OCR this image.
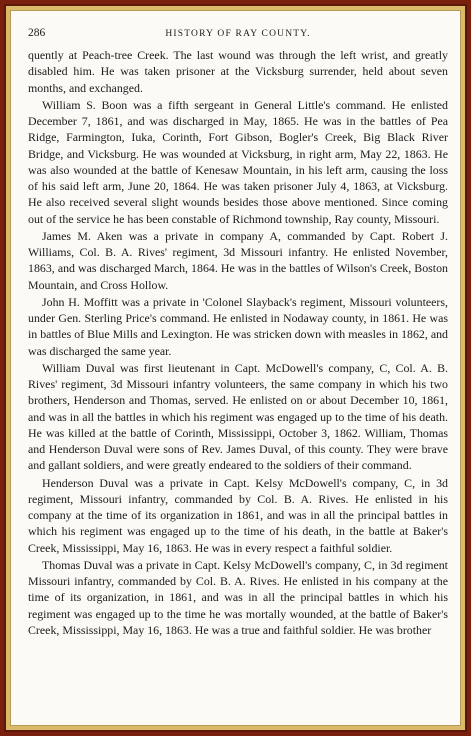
286	HISTORY OF RAY COUNTY.

quently at Peach-tree Creek. The last wound was through the left wrist, and greatly disabled him. He was taken prisoner at the Vicksburg surrender, held about seven months, and exchanged.

William S. Boon was a fifth sergeant in General Little's command. He enlisted December 7, 1861, and was discharged in May, 1865. He was in the battles of Pea Ridge, Farmington, Iuka, Corinth, Fort Gibson, Bogler's Creek, Big Black River Bridge, and Vicksburg. He was wounded at Vicksburg, in right arm, May 22, 1863. He was also wounded at the battle of Kenesaw Mountain, in his left arm, causing the loss of his said left arm, June 20, 1864. He was taken prisoner July 4, 1863, at Vicksburg. He also received several slight wounds besides those above mentioned. Since coming out of the service he has been constable of Richmond township, Ray county, Missouri.

James M. Aken was a private in company A, commanded by Capt. Robert J. Williams, Col. B. A. Rives' regiment, 3d Missouri infantry. He enlisted November, 1863, and was discharged March, 1864. He was in the battles of Wilson's Creek, Boston Mountain, and Cross Hollow.

John H. Moffitt was a private in 'Colonel Slayback's regiment, Missouri volunteers, under Gen. Sterling Price's command. He enlisted in Nodaway county, in 1861. He was in battles of Blue Mills and Lexington. He was stricken down with measles in 1862, and was discharged the same year.

William Duval was first lieutenant in Capt. McDowell's company, C, Col. A. B. Rives' regiment, 3d Missouri infantry volunteers, the same company in which his two brothers, Henderson and Thomas, served. He enlisted on or about December 10, 1861, and was in all the battles in which his regiment was engaged up to the time of his death. He was killed at the battle of Corinth, Mississippi, October 3, 1862. William, Thomas and Henderson Duval were sons of Rev. James Duval, of this county. They were brave and gallant soldiers, and were greatly endeared to the soldiers of their command.

Henderson Duval was a private in Capt. Kelsy McDowell's company, C, in 3d regiment, Missouri infantry, commanded by Col. B. A. Rives. He enlisted in his company at the time of its organization in 1861, and was in all the principal battles in which his regiment was engaged up to the time of his death, in the battle at Baker's Creek, Mississippi, May 16, 1863. He was in every respect a faithful soldier.

Thomas Duval was a private in Capt. Kelsy McDowell's company, C, in 3d regiment Missouri infantry, commanded by Col. B. A. Rives. He enlisted in his company at the time of its organization, in 1861, and was in all the principal battles in which his regiment was engaged up to the time he was mortally wounded, at the battle of Baker's Creek, Mississippi, May 16, 1863. He was a true and faithful soldier. He was brother
